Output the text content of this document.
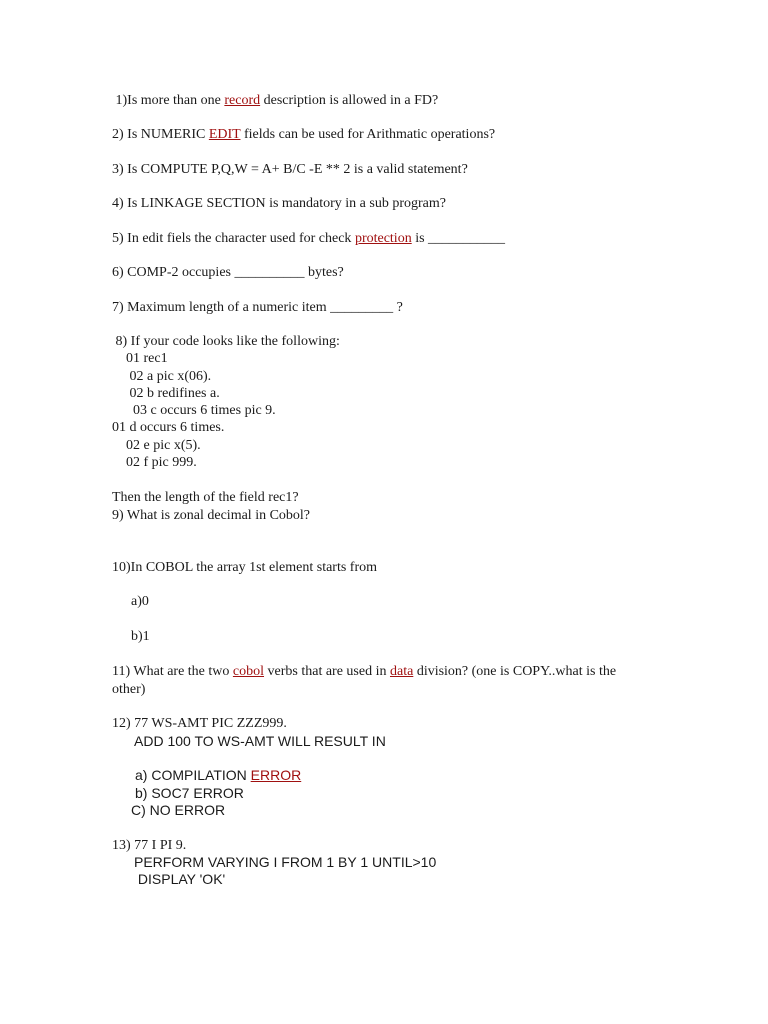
1)Is more than one record description is allowed in a FD?
2) Is NUMERIC EDIT fields can be used for Arithmatic operations?
3) Is COMPUTE P,Q,W = A+ B/C -E ** 2 is a valid statement?
4) Is LINKAGE SECTION is mandatory in a sub program?
5) In edit fiels the character used for check protection is ___________
6) COMP-2 occupies __________ bytes?
7) Maximum length of a numeric item _________ ?
8) If your code looks like the following:
01 rec1
02 a pic x(06).
02 b redifines a.
03 c occurs 6 times pic 9.
01 d occurs 6 times.
02 e pic x(5).
02 f pic 999.
Then the length of the field rec1?
9) What is zonal decimal in Cobol?
10)In COBOL the array 1st element starts from
a)0
b)1
11) What are the two cobol verbs that are used in data division? (one is COPY..what is the
other)
12) 77 WS-AMT PIC ZZZ999.
ADD 100 TO WS-AMT WILL RESULT IN
a) COMPILATION ERROR
b) SOC7 ERROR
C) NO ERROR
13) 77 I PI 9.
PERFORM VARYING I FROM 1 BY 1 UNTIL>10
DISPLAY 'OK'
